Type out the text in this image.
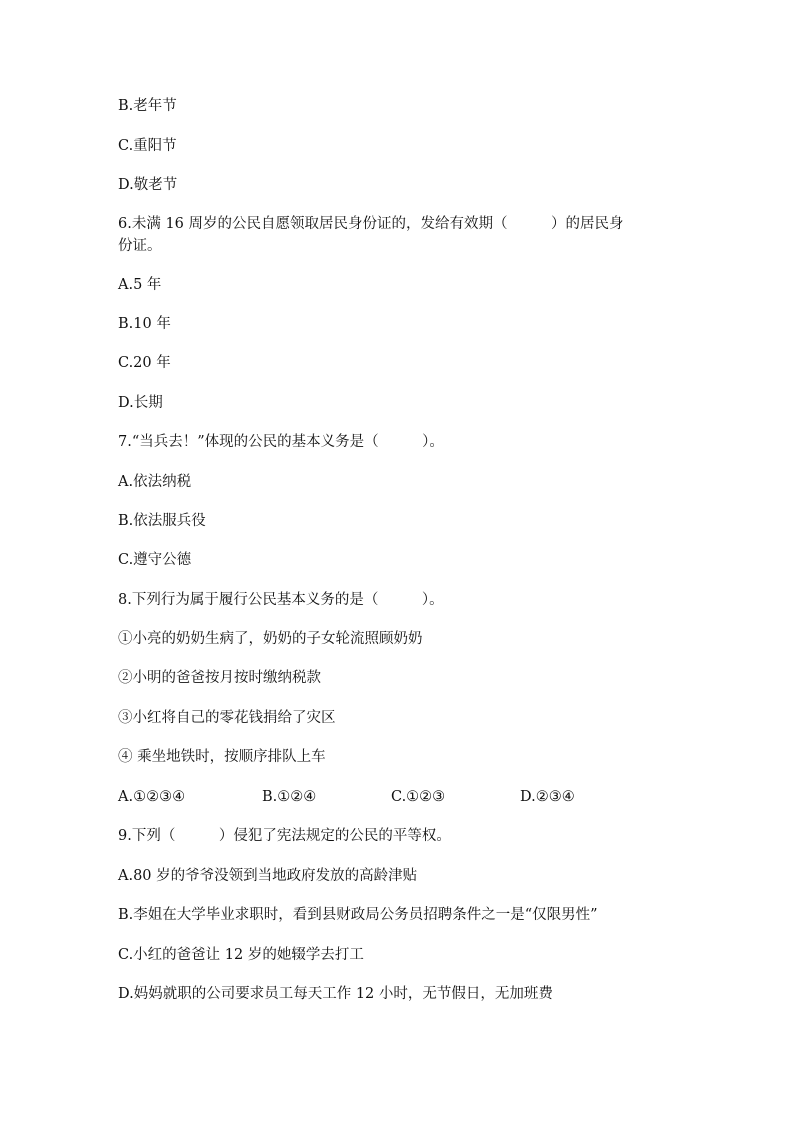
B.老年节
C.重阳节
D.敬老节
6.未满 16 周岁的公民自愿领取居民身份证的，发给有效期（　　　）的居民身
份证。
A.5 年
B.10 年
C.20 年
D.长期
7.“当兵去！”体现的公民的基本义务是（　　　）。
A.依法纳税
B.依法服兵役
C.遵守公德
8.下列行为属于履行公民基本义务的是（　　　）。
①小亮的奶奶生病了，奶奶的子女轮流照顾奶奶
②小明的爸爸按月按时缴纳税款
③小红将自己的零花钱捐给了灾区
④ 乘坐地铁时，按顺序排队上车
A.①②③④	B.①②④	C.①②③	D.②③④
9.下列（　　　）侵犯了宪法规定的公民的平等权。
A.80 岁的爷爷没领到当地政府发放的高龄津贴
B.李姐在大学毕业求职时，看到县财政局公务员招聘条件之一是“仅限男性”
C.小红的爸爸让 12 岁的她辍学去打工
D.妈妈就职的公司要求员工每天工作 12 小时，无节假日，无加班费
